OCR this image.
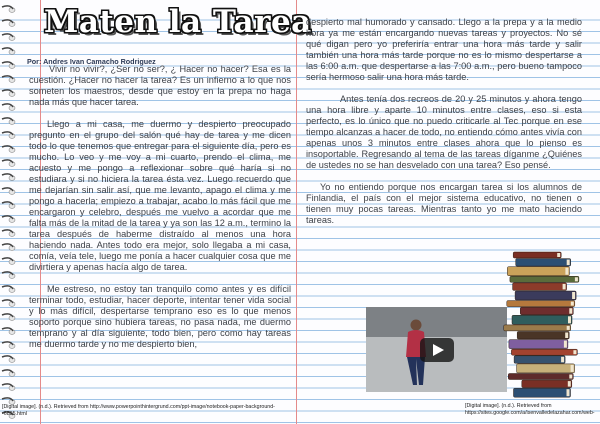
Maten la Tarea
Por: Andres Ivan Camacho Rodriguez

Vivir no vivir?, ¿Ser no ser?, ¿ Hacer no hacer? Esa es la cuestión. ¿Hacer no hacer la tarea? Es un infierno a lo que nos someten los maestros, desde que estoy en la prepa no haga nada más que hacer tarea.

Llego a mi casa, me duermo y despierto preocupado pregunto en el grupo del salón qué hay de tarea y me dicen todo lo que tenemos que entregar para el siguiente día, pero es mucho. Lo veo y me voy a mi cuarto, prendo el clima, me acuesto y me pongo a reflexionar sobre qué haría si no estudiara y si no hiciera la tarea ésta vez. Luego recuerdo que me dejarían sin salir así, que me levanto, apago el clima y me pongo a hacerla; empiezo a trabajar, acabo lo más fácil que me encargaron y celebro, después me vuelvo a acordar que me falta más de la mitad de la tarea y ya son las 12 a.m., termino la tarea después de haberme distraído al menos una hora haciendo nada. Antes todo era mejor, solo llegaba a mi casa, comía, veía tele, luego me ponía a hacer cualquier cosa que me divirtiera y apenas hacía algo de tarea.

Me estreso, no estoy tan tranquilo como antes y es difícil terminar todo, estudiar, hacer deporte, intentar tener vida social y lo más difícil, despertarse temprano eso es lo que menos soporto porque sino hubiera tareas, no pasa nada, me duermo temprano y al día siguiente, todo bien, pero como hay tareas me duermo tarde y no me despierto bien,

despierto mal humorado y cansado. Llego a la prepa y a la medio hora ya me están encargando nuevas tareas y proyectos. No sé qué digan pero yo preferiría entrar una hora más tarde y salir también una hora más tarde porque no es lo mismo despertarse a las 6:00 a.m. que despertarse a las 7:00 a.m., pero bueno tampoco sería hermoso salir una hora más tarde.

Antes tenía dos recreos de 20 y 25 minutos y ahora tengo una hora libre y aparte 10 minutos entre clases, eso si esta perfecto, es lo único que no puedo criticarle al Tec porque en ese tiempo alcanzas a hacer de todo, no entiendo cómo antes vivía con apenas unos 3 minutos entre clases ahora que lo pienso es insoportable. Regresando al tema de las tareas díganme ¿Quiénes de ustedes no se han desvelado con una tarea? Eso pensé.

Yo no entiendo porque nos encargan tarea si los alumnos de Finlandia, el país con el mejor sistema educativo, no tienen o tienen muy pocas tareas. Mientras tanto yo me mato haciendo tareas.

[Digital image]. (n.d.). Retrieved from http://www.powerpointhintergrund.com/ppt-image/notebook-paper-background--6895.html
[Digital image]. (n.d.). Retrieved from https://sites.google.com/a/isenvalledelazahar.com/web-
